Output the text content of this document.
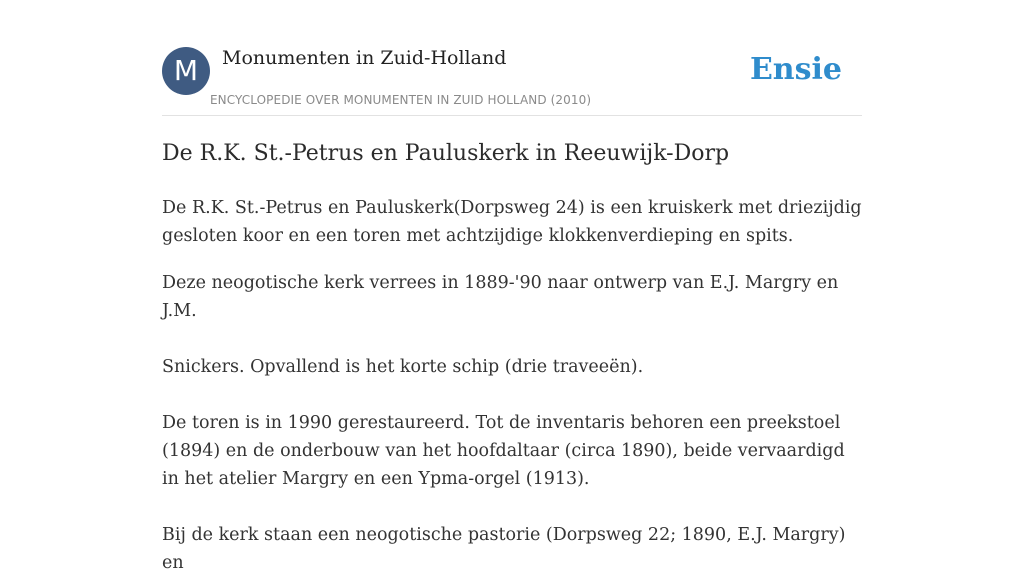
M	Monumenten in Zuid-Holland
ENCYCLOPEDIE OVER MONUMENTEN IN ZUID HOLLAND (2010)
Ensie
De R.K. St.-Petrus en Pauluskerk in Reeuwijk-Dorp

De R.K. St.-Petrus en Pauluskerk(Dorpsweg 24) is een kruiskerk met driezijdig gesloten koor en een toren met achtzijdige klokkenverdieping en spits.

Deze neogotische kerk verrees in 1889-'90 naar ontwerp van E.J. Margry en J.M.
Snickers. Opvallend is het korte schip (drie traveeën).
De toren is in 1990 gerestaureerd. Tot de inventaris behoren een preekstoel (1894) en de onderbouw van het hoofdaltaar (circa 1890), beide vervaardigd in het atelier Margry en een Ypma-orgel (1913).
Bij de kerk staan een neogotische pastorie (Dorpsweg 22; 1890, E.J. Margry) en
